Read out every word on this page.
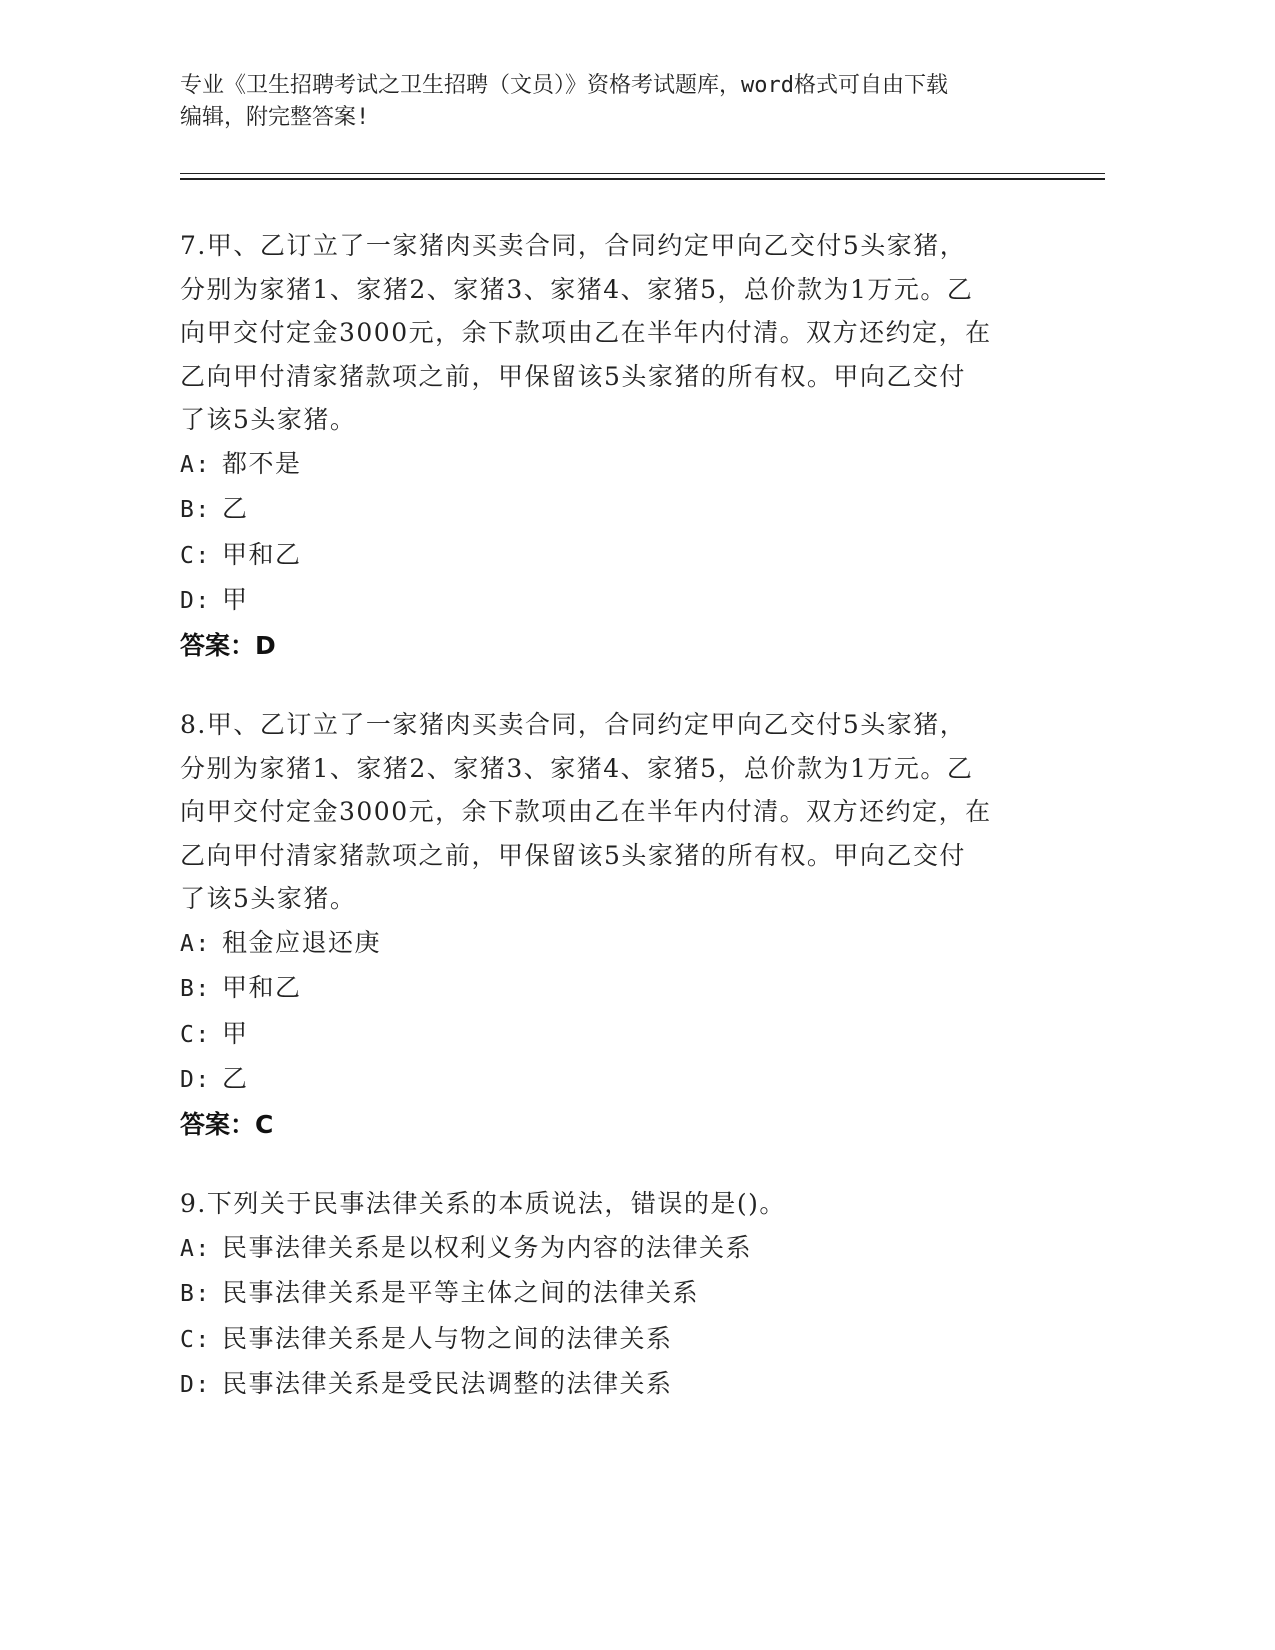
专业《卫生招聘考试之卫生招聘（文员）》资格考试题库，word格式可自由下载
编辑，附完整答案!
7.甲、乙订立了一家猪肉买卖合同，合同约定甲向乙交付5头家猪，
分别为家猪1、家猪2、家猪3、家猪4、家猪5，总价款为1万元。乙
向甲交付定金3000元，余下款项由乙在半年内付清。双方还约定，在
乙向甲付清家猪款项之前，甲保留该5头家猪的所有权。甲向乙交付
了该5头家猪。
A: 都不是
B: 乙
C: 甲和乙
D: 甲
答案：D
8.甲、乙订立了一家猪肉买卖合同，合同约定甲向乙交付5头家猪，
分别为家猪1、家猪2、家猪3、家猪4、家猪5，总价款为1万元。乙
向甲交付定金3000元，余下款项由乙在半年内付清。双方还约定，在
乙向甲付清家猪款项之前，甲保留该5头家猪的所有权。甲向乙交付
了该5头家猪。
A: 租金应退还庚
B: 甲和乙
C: 甲
D: 乙
答案：C
9.下列关于民事法律关系的本质说法，错误的是()。
A: 民事法律关系是以权利义务为内容的法律关系
B: 民事法律关系是平等主体之间的法律关系
C: 民事法律关系是人与物之间的法律关系
D: 民事法律关系是受民法调整的法律关系
